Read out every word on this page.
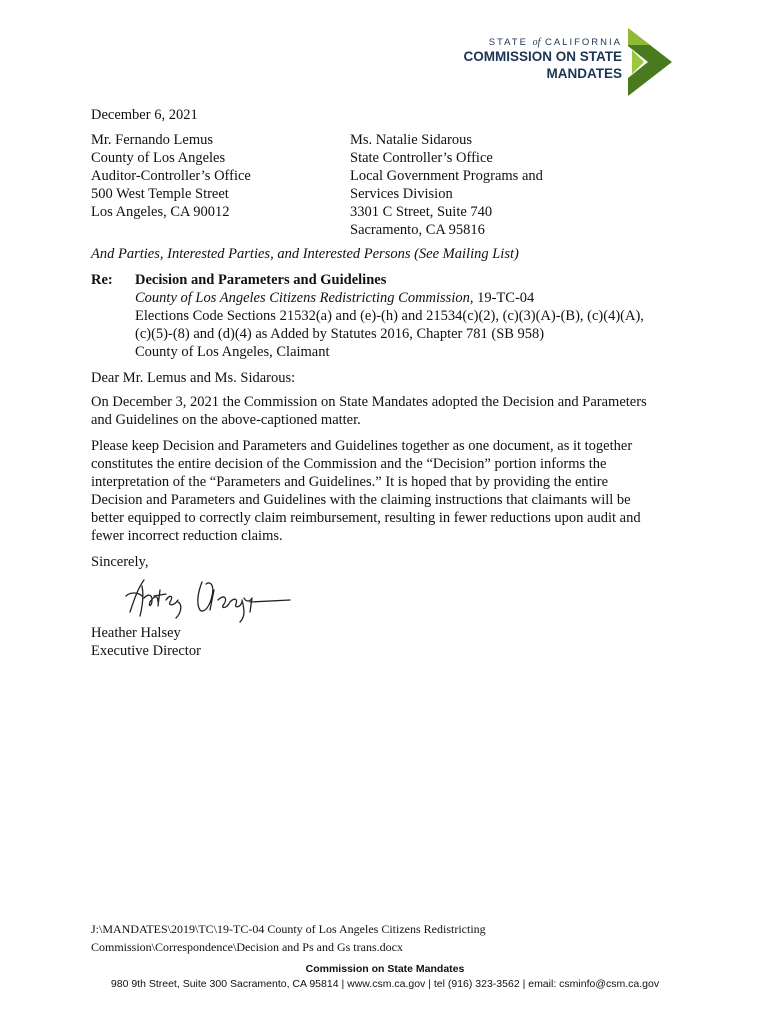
STATE of CALIFORNIA
COMMISSION ON STATE
MANDATES
December 6, 2021
Mr. Fernando Lemus
County of Los Angeles
Auditor-Controller’s Office
500 West Temple Street
Los Angeles, CA 90012
Ms. Natalie Sidarous
State Controller’s Office
Local Government Programs and
Services Division
3301 C Street, Suite 740
Sacramento, CA 95816
And Parties, Interested Parties, and Interested Persons (See Mailing List)
Re: Decision and Parameters and Guidelines
County of Los Angeles Citizens Redistricting Commission, 19-TC-04
Elections Code Sections 21532(a) and (e)-(h) and 21534(c)(2), (c)(3)(A)-(B), (c)(4)(A),
(c)(5)-(8) and (d)(4) as Added by Statutes 2016, Chapter 781 (SB 958)
County of Los Angeles, Claimant
Dear Mr. Lemus and Ms. Sidarous:
On December 3, 2021 the Commission on State Mandates adopted the Decision and Parameters
and Guidelines on the above-captioned matter.
Please keep Decision and Parameters and Guidelines together as one document, as it together
constitutes the entire decision of the Commission and the “Decision” portion informs the
interpretation of the “Parameters and Guidelines.” It is hoped that by providing the entire
Decision and Parameters and Guidelines with the claiming instructions that claimants will be
better equipped to correctly claim reimbursement, resulting in fewer reductions upon audit and
fewer incorrect reduction claims.
Sincerely,
Heather Halsey
Executive Director
J:\MANDATES\2019\TC\19-TC-04 County of Los Angeles Citizens Redistricting
Commission\Correspondence\Decision and Ps and Gs trans.docx
Commission on State Mandates
980 9th Street, Suite 300 Sacramento, CA 95814 | www.csm.ca.gov | tel (916) 323-3562 | email: csminfo@csm.ca.gov
